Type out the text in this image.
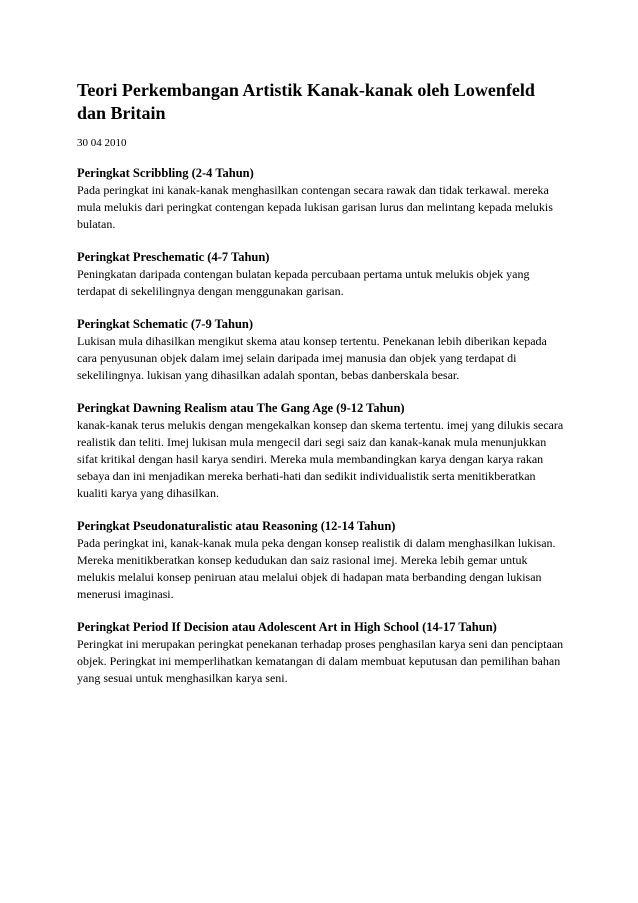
Teori Perkembangan Artistik Kanak-kanak oleh Lowenfeld dan Britain
30 04 2010

Peringkat Scribbling (2-4 Tahun)

Pada peringkat ini kanak-kanak menghasilkan contengan secara rawak dan tidak terkawal. mereka mula melukis dari peringkat contengan kepada lukisan garisan lurus dan melintang kepada melukis bulatan.

Peringkat Preschematic (4-7 Tahun)

Peningkatan daripada contengan bulatan kepada percubaan pertama untuk melukis objek yang terdapat di sekelilingnya dengan menggunakan garisan.

Peringkat Schematic (7-9 Tahun)

Lukisan mula dihasilkan mengikut skema atau konsep tertentu. Penekanan lebih diberikan kepada cara penyusunan objek dalam imej selain daripada imej manusia dan objek yang terdapat di sekelilingnya. lukisan yang dihasilkan adalah spontan, bebas danberskala besar.

Peringkat Dawning Realism atau The Gang Age (9-12 Tahun)

kanak-kanak terus melukis dengan mengekalkan konsep dan skema tertentu. imej yang dilukis secara realistik dan teliti. Imej lukisan mula mengecil dari segi saiz dan kanak-kanak mula menunjukkan sifat kritikal dengan hasil karya sendiri. Mereka mula membandingkan karya dengan karya rakan sebaya dan ini menjadikan mereka berhati-hati dan sedikit individualistik serta menitikberatkan kualiti karya yang dihasilkan.

Peringkat Pseudonaturalistic atau Reasoning (12-14 Tahun)

Pada peringkat ini, kanak-kanak mula peka dengan konsep realistik di dalam menghasilkan lukisan. Mereka menitikberatkan konsep kedudukan dan saiz rasional imej. Mereka lebih gemar untuk melukis melalui konsep peniruan atau melalui objek di hadapan mata berbanding dengan lukisan menerusi imaginasi.

Peringkat Period If Decision atau Adolescent Art in High School (14-17 Tahun)

Peringkat ini merupakan peringkat penekanan terhadap proses penghasilan karya seni dan penciptaan objek. Peringkat ini memperlihatkan kematangan di dalam membuat keputusan dan pemilihan bahan yang sesuai untuk menghasilkan karya seni.
